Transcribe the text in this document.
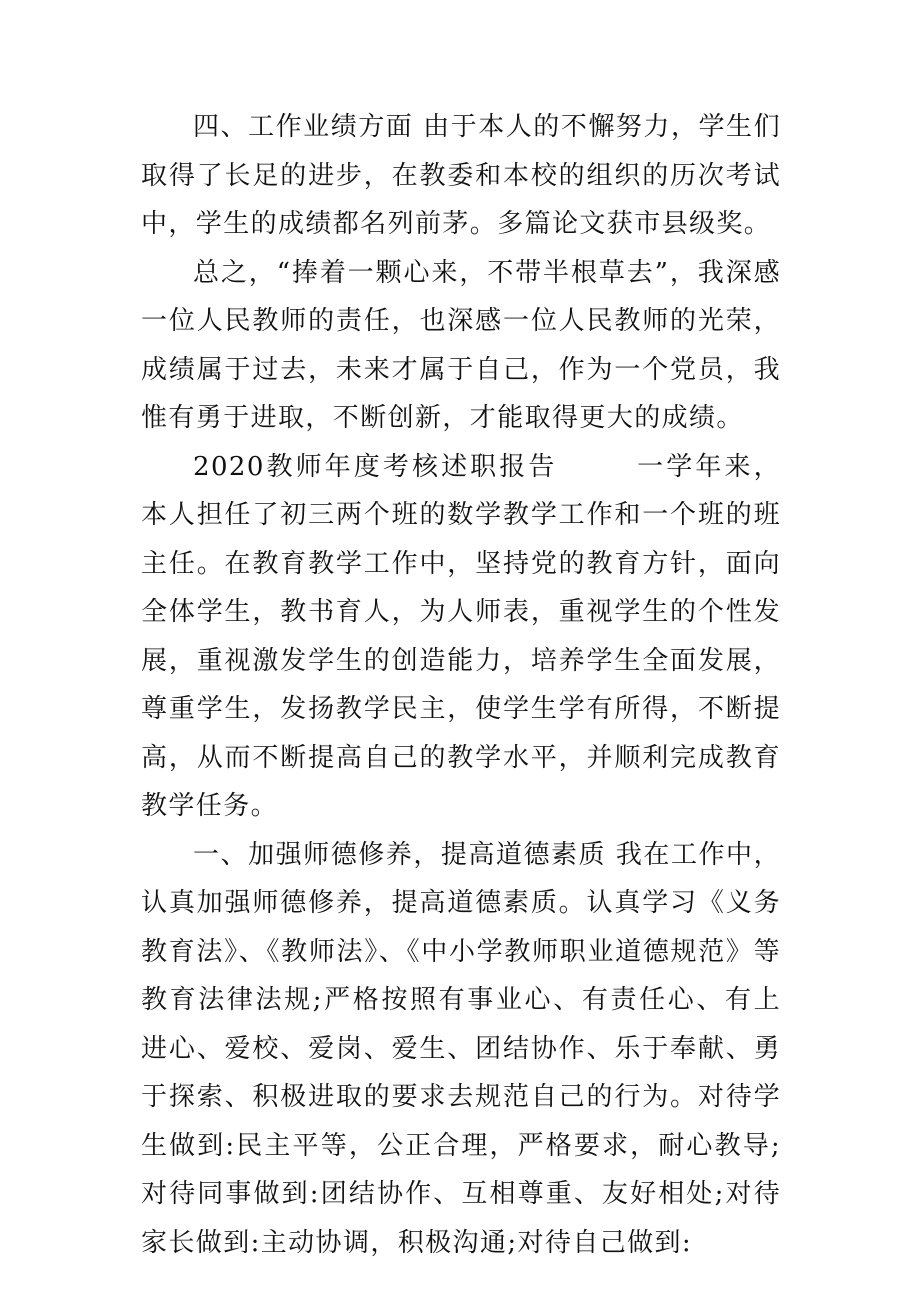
四、工作业绩方面 由于本人的不懈努力，学生们取得了长足的进步，在教委和本校的组织的历次考试中，学生的成绩都名列前茅。多篇论文获市县级奖。

总之，“捧着一颗心来，不带半根草去”，我深感一位人民教师的责任，也深感一位人民教师的光荣，成绩属于过去，未来才属于自己，作为一个党员，我惟有勇于进取，不断创新，才能取得更大的成绩。

2020教师年度考核述职报告	一学年来，本人担任了初三两个班的数学教学工作和一个班的班主任。在教育教学工作中，坚持党的教育方针，面向全体学生，教书育人，为人师表，重视学生的个性发展，重视激发学生的创造能力，培养学生全面发展，尊重学生，发扬教学民主，使学生学有所得，不断提高，从而不断提高自己的教学水平，并顺利完成教育教学任务。

一、加强师德修养，提高道德素质 我在工作中，认真加强师德修养，提高道德素质。认真学习《义务教育法》、《教师法》、《中小学教师职业道德规范》等教育法律法规;严格按照有事业心、有责任心、有上进心、爱校、爱岗、爱生、团结协作、乐于奉献、勇于探索、积极进取的要求去规范自己的行为。对待学生做到:民主平等，公正合理，严格要求，耐心教导;对待同事做到:团结协作、互相尊重、友好相处;对待家长做到:主动协调，积极沟通;对待自己做到:
